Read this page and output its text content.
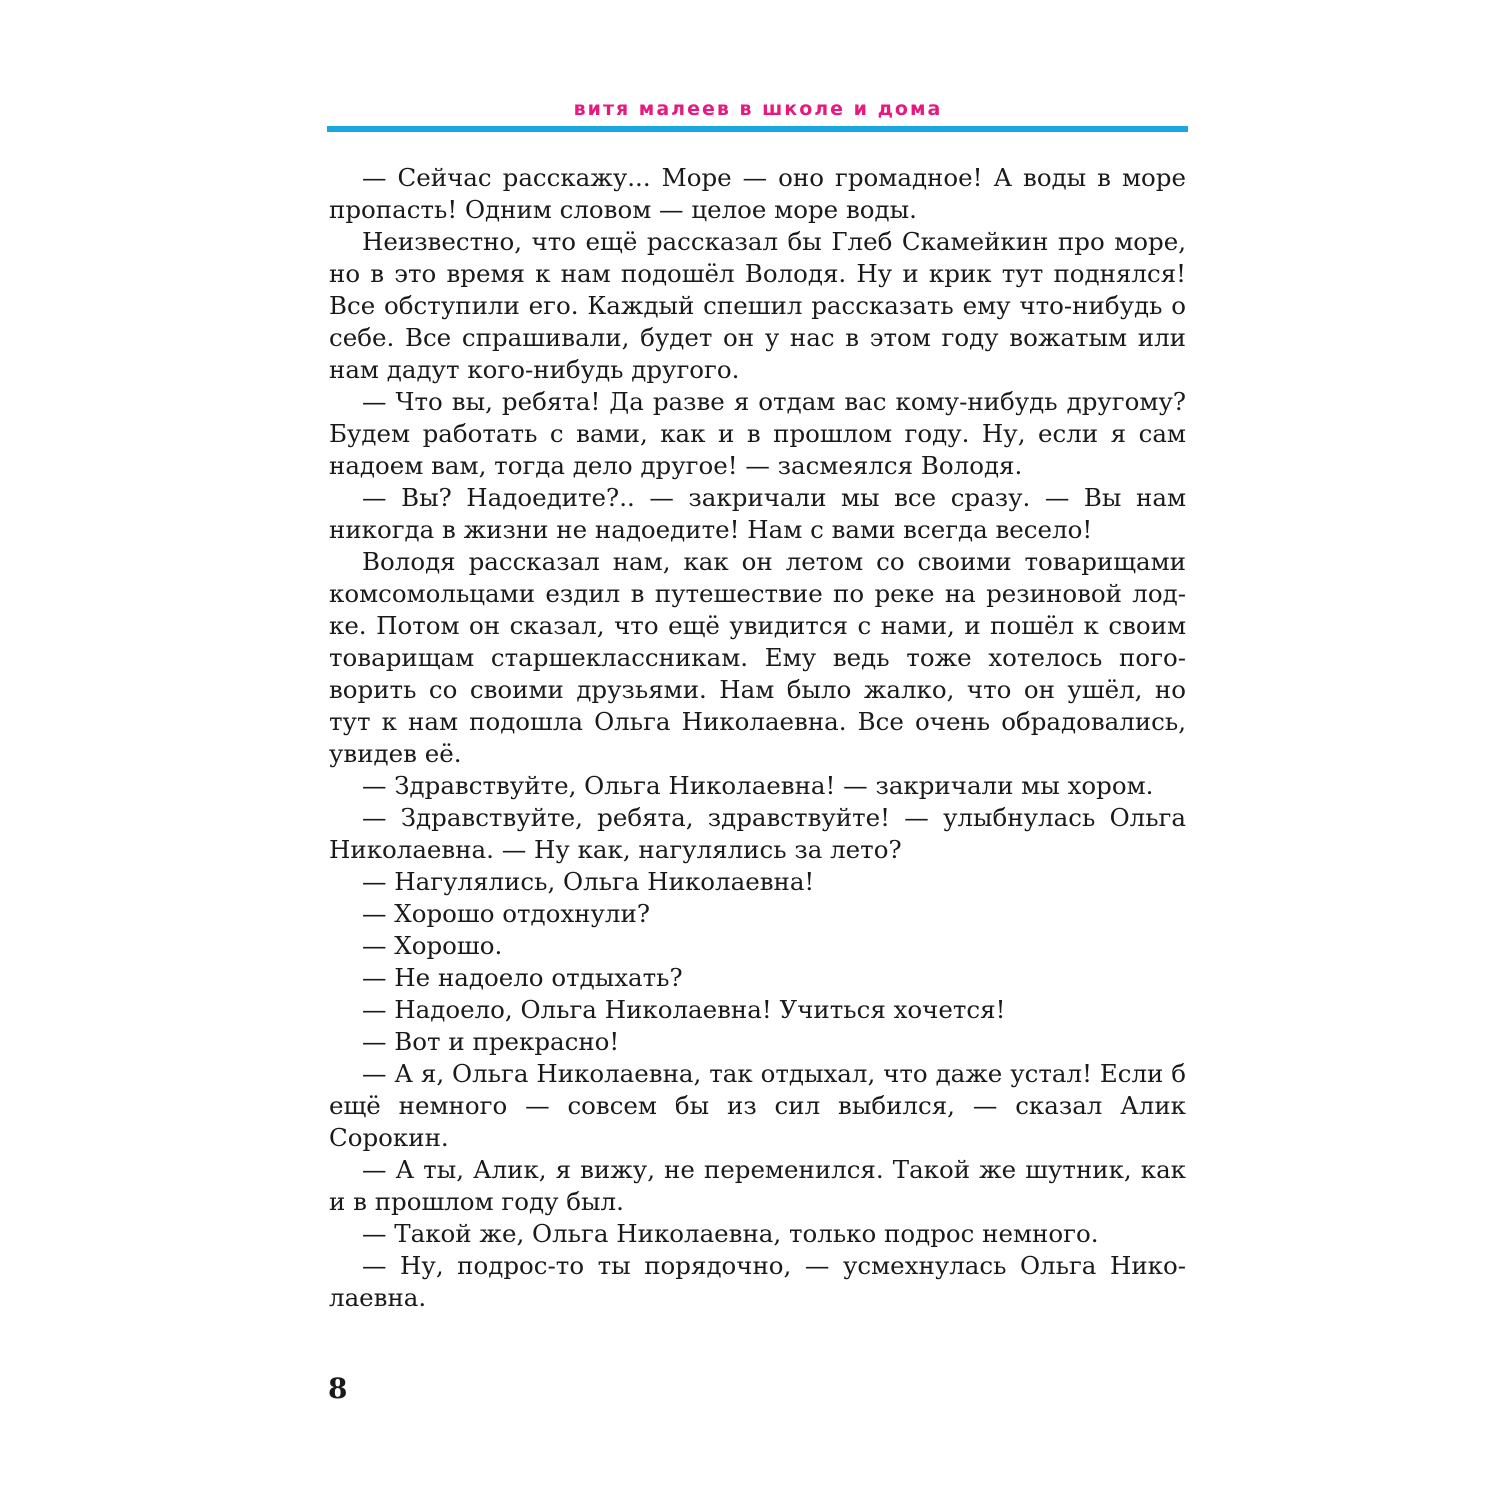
витя малеев в школе и дома

— Сейчас расскажу... Море — оно громадное! А воды в море пропасть! Одним словом — целое море воды.

Неизвестно, что ещё рассказал бы Глеб Скамейкин про море, но в это время к нам подошёл Володя. Ну и крик тут поднялся! Все обступили его. Каждый спешил рассказать ему что-нибудь о себе. Все спрашивали, будет он у нас в этом году вожатым или нам дадут кого-нибудь другого.

— Что вы, ребята! Да разве я отдам вас кому-нибудь другому? Будем работать с вами, как и в прошлом году. Ну, если я сам надоем вам, тогда дело другое! — засмеялся Володя.

— Вы? Надоедите?.. — закричали мы все сразу. — Вы нам никогда в жизни не надоедите! Нам с вами всегда весело!

Володя рассказал нам, как он летом со своими товарищами комсомольцами ездил в путешествие по реке на резиновой лодке. Потом он сказал, что ещё увидится с нами, и пошёл к своим товарищам старшеклассникам. Ему ведь тоже хотелось поговорить со своими друзьями. Нам было жалко, что он ушёл, но тут к нам подошла Ольга Николаевна. Все очень обрадовались, увидев её.

— Здравствуйте, Ольга Николаевна! — закричали мы хором.

— Здравствуйте, ребята, здравствуйте! — улыбнулась Ольга Николаевна. — Ну как, нагулялись за лето?

— Нагулялись, Ольга Николаевна!

— Хорошо отдохнули?

— Хорошо.

— Не надоело отдыхать?

— Надоело, Ольга Николаевна! Учиться хочется!

— Вот и прекрасно!

— А я, Ольга Николаевна, так отдыхал, что даже устал! Если б ещё немного — совсем бы из сил выбился, — сказал Алик Сорокин.

— А ты, Алик, я вижу, не переменился. Такой же шутник, как и в прошлом году был.

— Такой же, Ольга Николаевна, только подрос немного.

— Ну, подрос-то ты порядочно, — усмехнулась Ольга Николаевна.

8
